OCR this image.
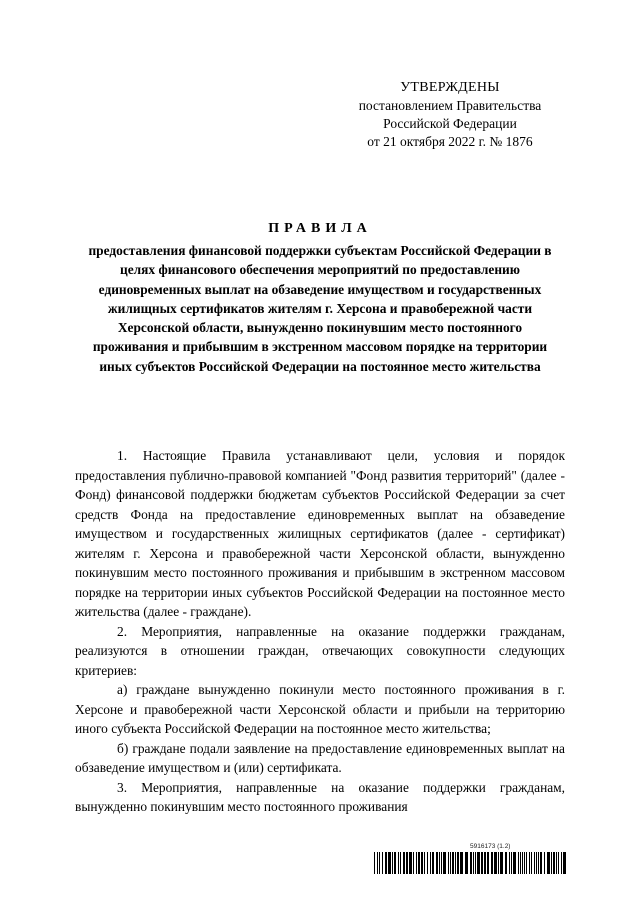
УТВЕРЖДЕНЫ
постановлением Правительства
Российской Федерации
от 21 октября 2022 г. № 1876
ПРАВИЛА
предоставления финансовой поддержки субъектам Российской Федерации в целях финансового обеспечения мероприятий по предоставлению единовременных выплат на обзаведение имуществом и государственных жилищных сертификатов жителям г. Херсона и правобережной части Херсонской области, вынужденно покинувшим место постоянного проживания и прибывшим в экстренном массовом порядке на территории иных субъектов Российской Федерации на постоянное место жительства

1. Настоящие Правила устанавливают цели, условия и порядок предоставления публично-правовой компанией "Фонд развития территорий" (далее - Фонд) финансовой поддержки бюджетам субъектов Российской Федерации за счет средств Фонда на предоставление единовременных выплат на обзаведение имуществом и государственных жилищных сертификатов (далее - сертификат) жителям г. Херсона и правобережной части Херсонской области, вынужденно покинувшим место постоянного проживания и прибывшим в экстренном массовом порядке на территории иных субъектов Российской Федерации на постоянное место жительства (далее - граждане).

2. Мероприятия, направленные на оказание поддержки гражданам, реализуются в отношении граждан, отвечающих совокупности следующих критериев:

а) граждане вынужденно покинули место постоянного проживания в г. Херсоне и правобережной части Херсонской области и прибыли на территорию иного субъекта Российской Федерации на постоянное место жительства;

б) граждане подали заявление на предоставление единовременных выплат на обзаведение имуществом и (или) сертификата.

3. Мероприятия, направленные на оказание поддержки гражданам, вынужденно покинувшим место постоянного проживания

5916173 (1.2)
